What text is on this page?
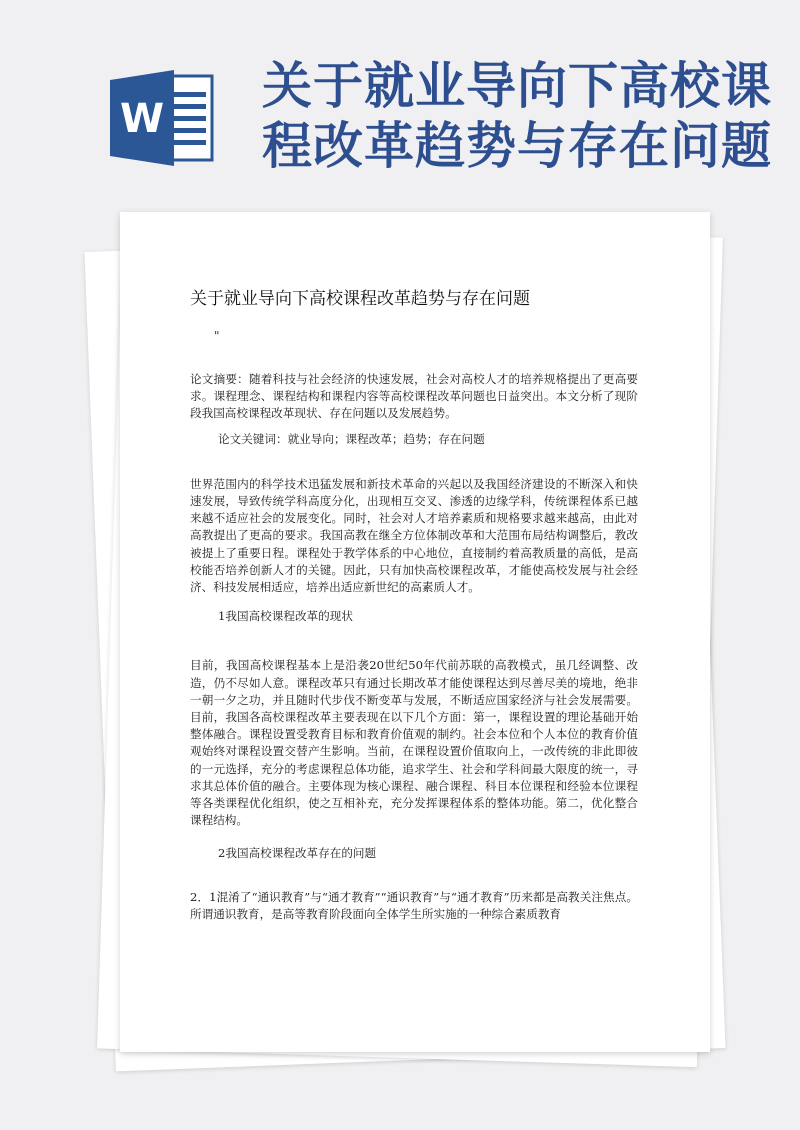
W
关于就业导向下高校课
程改革趋势与存在问题

关于就业导向下高校课程改革趋势与存在问题

"

论文摘要：随着科技与社会经济的快速发展，社会对高校人才的培养规格提出了更高要求。课程理念、课程结构和课程内容等高校课程改革问题也日益突出。本文分析了现阶段我国高校课程改革现状、存在问题以及发展趋势。

论文关键词：就业导向；课程改革；趋势；存在问题

世界范围内的科学技术迅猛发展和新技术革命的兴起以及我国经济建设的不断深入和快速发展，导致传统学科高度分化，出现相互交叉、渗透的边缘学科，传统课程体系已越来越不适应社会的发展变化。同时，社会对人才培养素质和规格要求越来越高，由此对高教提出了更高的要求。我国高教在继全方位体制改革和大范围布局结构调整后，教改被提上了重要日程。课程处于教学体系的中心地位，直接制约着高教质量的高低，是高校能否培养创新人才的关键。因此，只有加快高校课程改革，才能使高校发展与社会经济、科技发展相适应，培养出适应新世纪的高素质人才。

1我国高校课程改革的现状

目前，我国高校课程基本上是沿袭20世纪50年代前苏联的高教模式，虽几经调整、改造，仍不尽如人意。课程改革只有通过长期改革才能使课程达到尽善尽美的境地，绝非一朝一夕之功，并且随时代步伐不断变革与发展，不断适应国家经济与社会发展需要。目前，我国各高校课程改革主要表现在以下几个方面：第一，课程设置的理论基础开始整体融合。课程设置受教育目标和教育价值观的制约。社会本位和个人本位的教育价值观始终对课程设置交替产生影响。当前，在课程设置价值取向上，一改传统的非此即彼的一元选择，充分的考虑课程总体功能，追求学生、社会和学科间最大限度的统一，寻求其总体价值的融合。主要体现为核心课程、融合课程、科目本位课程和经验本位课程等各类课程优化组织，使之互相补充，充分发挥课程体系的整体功能。第二，优化整合课程结构。

2我国高校课程改革存在的问题

2．1混淆了“通识教育”与“通才教育”“通识教育”与“通才教育”历来都是高教关注焦点。所谓通识教育，是高等教育阶段面向全体学生所实施的一种综合素质教育
